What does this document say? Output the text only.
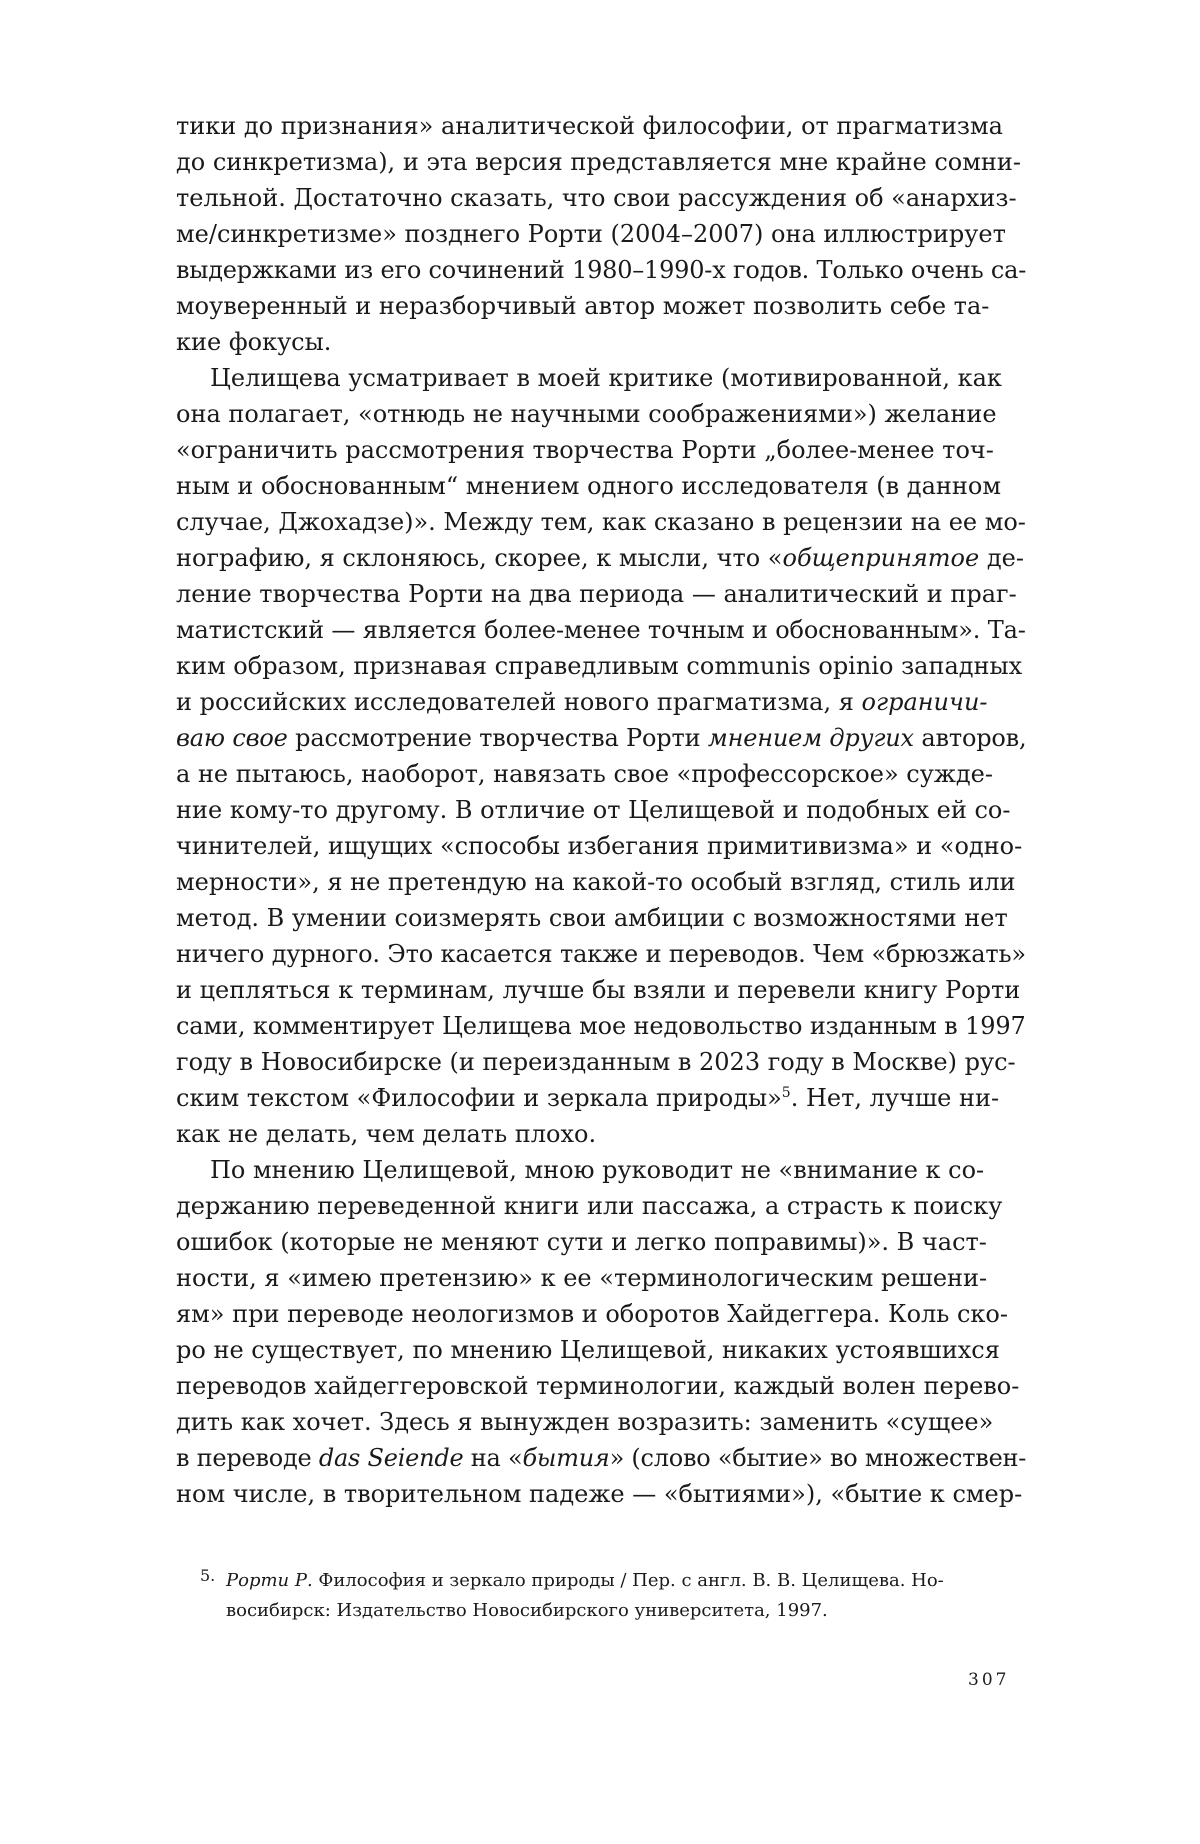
тики до признания» аналитической философии, от прагматизма
до синкретизма), и эта версия представляется мне крайне сомни-
тельной. Достаточно сказать, что свои рассуждения об «анархиз-
ме/синкретизме» позднего Рорти (2004–2007) она иллюстрирует
выдержками из его сочинений 1980–1990-х годов. Только очень са-
моуверенный и неразборчивый автор может позволить себе та-
кие фокусы.
Целищева усматривает в моей критике (мотивированной, как
она полагает, «отнюдь не научными соображениями») желание
«ограничить рассмотрения творчества Рорти „более-менее точ-
ным и обоснованным“ мнением одного исследователя (в данном
случае, Джохадзе)». Между тем, как сказано в рецензии на ее мо-
нографию, я склоняюсь, скорее, к мысли, что «общепринятое де-
ление творчества Рорти на два периода — аналитический и праг-
матистский — является более-менее точным и обоснованным». Та-
ким образом, признавая справедливым communis opinio западных
и российских исследователей нового прагматизма, я ограничи-
ваю свое рассмотрение творчества Рорти мнением других авторов,
а не пытаюсь, наоборот, навязать свое «профессорское» сужде-
ние кому-то другому. В отличие от Целищевой и подобных ей со-
чинителей, ищущих «способы избегания примитивизма» и «одно-
мерности», я не претендую на какой-то особый взгляд, стиль или
метод. В умении соизмерять свои амбиции с возможностями нет
ничего дурного. Это касается также и переводов. Чем «брюзжать»
и цепляться к терминам, лучше бы взяли и перевели книгу Рорти
сами, комментирует Целищева мое недовольство изданным в 1997
году в Новосибирске (и переизданным в 2023 году в Москве) рус-
ским текстом «Философии и зеркала природы»$^5$. Нет, лучше ни-
как не делать, чем делать плохо.
По мнению Целищевой, мною руководит не «внимание к со-
держанию переведенной книги или пассажа, а страсть к поиску
ошибок (которые не меняют сути и легко поправимы)». В част-
ности, я «имею претензию» к ее «терминологическим решени-
ям» при переводе неологизмов и оборотов Хайдеггера. Коль ско-
ро не существует, по мнению Целищевой, никаких устоявшихся
переводов хайдеггеровской терминологии, каждый волен перево-
дить как хочет. Здесь я вынужден возразить: заменить «сущее»
в переводе das Seiende на «бытия» (слово «бытие» во множествен-
ном числе, в творительном падеже — «бытиями»), «бытие к смер-
5. Рорти Р. Философия и зеркало природы / Пер. с англ. В. В. Целищева. Но-
восибирск: Издательство Новосибирского университета, 1997.
307
